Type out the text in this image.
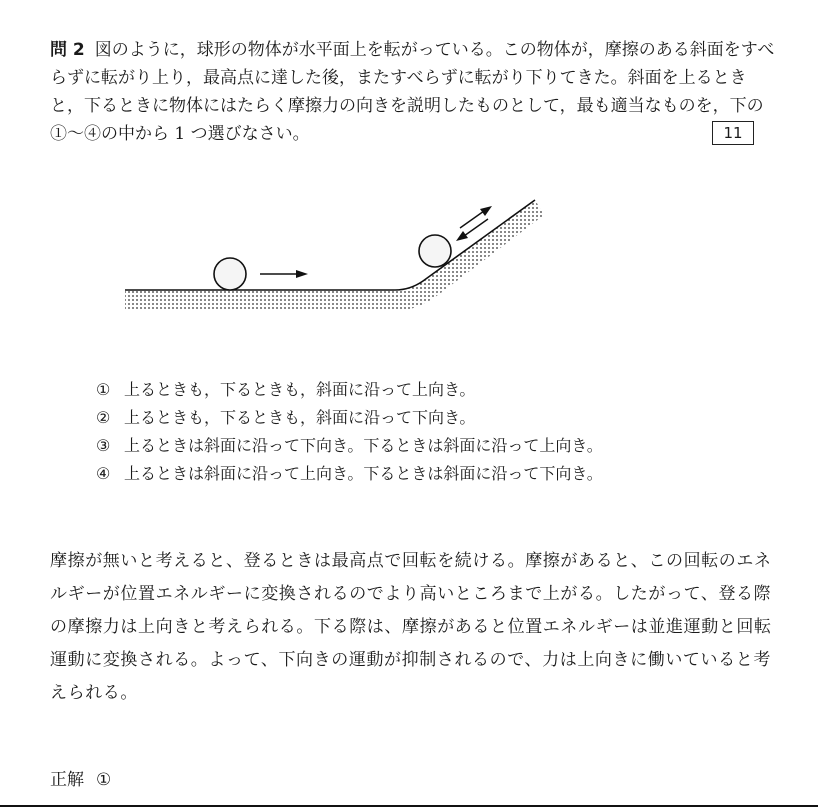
問 2 図のように，球形の物体が水平面上を転がっている。この物体が，摩擦のある斜面をすべらずに転がり上り，最高点に達した後，またすべらずに転がり下りてきた。斜面を上るときと，下るときに物体にはたらく摩擦力の向きを説明したものとして，最も適当なものを，下の①〜④の中から 1 つ選びなさい。	11
① 上るときも，下るときも，斜面に沿って上向き。
② 上るときも，下るときも，斜面に沿って下向き。
③ 上るときは斜面に沿って下向き。下るときは斜面に沿って上向き。
④ 上るときは斜面に沿って上向き。下るときは斜面に沿って下向き。
摩擦が無いと考えると、登るときは最高点で回転を続ける。摩擦があると、この回転のエネルギーが位置エネルギーに変換されるのでより高いところまで上がる。したがって、登る際の摩擦力は上向きと考えられる。下る際は、摩擦があると位置エネルギーは並進運動と回転運動に変換される。よって、下向きの運動が抑制されるので、力は上向きに働いていると考えられる。
正解 ①
